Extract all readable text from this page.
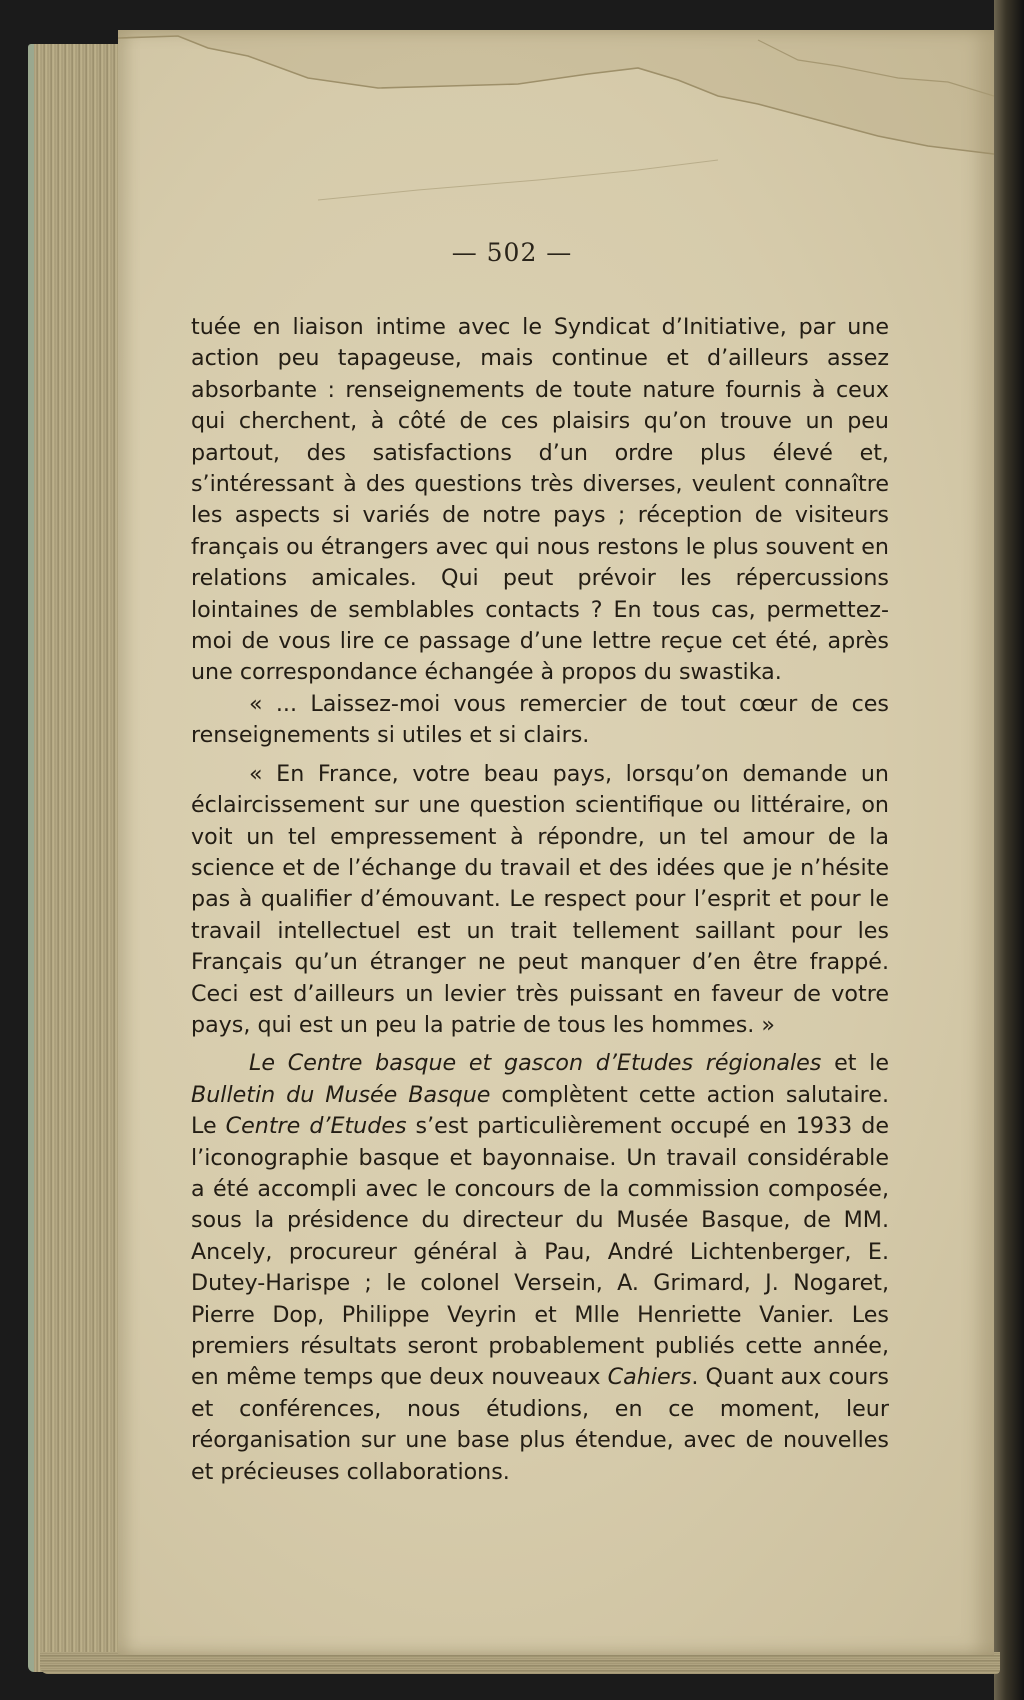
— 502 —

tuée en liaison intime avec le Syndicat d’Initiative, par une action peu tapageuse, mais continue et d’ailleurs assez absorbante : renseignements de toute nature fournis à ceux qui cherchent, à côté de ces plaisirs qu’on trouve un peu partout, des satisfactions d’un ordre plus élevé et, s’intéressant à des questions très diverses, veulent connaître les aspects si variés de notre pays ; réception de visiteurs français ou étrangers avec qui nous restons le plus souvent en relations amicales. Qui peut prévoir les répercussions lointaines de semblables contacts ? En tous cas, permettez-moi de vous lire ce passage d’une lettre reçue cet été, après une correspondance échangée à propos du swastika.

« ... Laissez-moi vous remercier de tout cœur de ces renseignements si utiles et si clairs.

« En France, votre beau pays, lorsqu’on demande un éclaircissement sur une question scientifique ou littéraire, on voit un tel empressement à répondre, un tel amour de la science et de l’échange du travail et des idées que je n’hésite pas à qualifier d’émouvant. Le respect pour l’esprit et pour le travail intellectuel est un trait tellement saillant pour les Français qu’un étranger ne peut manquer d’en être frappé. Ceci est d’ailleurs un levier très puissant en faveur de votre pays, qui est un peu la patrie de tous les hommes. »

Le Centre basque et gascon d’Etudes régionales et le Bulletin du Musée Basque complètent cette action salutaire. Le Centre d’Etudes s’est particulièrement occupé en 1933 de l’iconographie basque et bayonnaise. Un travail considérable a été accompli avec le concours de la commission composée, sous la présidence du directeur du Musée Basque, de MM. Ancely, procureur général à Pau, André Lichtenberger, E. Dutey-Harispe ; le colonel Versein, A. Grimard, J. Nogaret, Pierre Dop, Philippe Veyrin et Mlle Henriette Vanier. Les premiers résultats seront probablement publiés cette année, en même temps que deux nouveaux Cahiers. Quant aux cours et conférences, nous étudions, en ce moment, leur réorganisation sur une base plus étendue, avec de nouvelles et précieuses collaborations.
